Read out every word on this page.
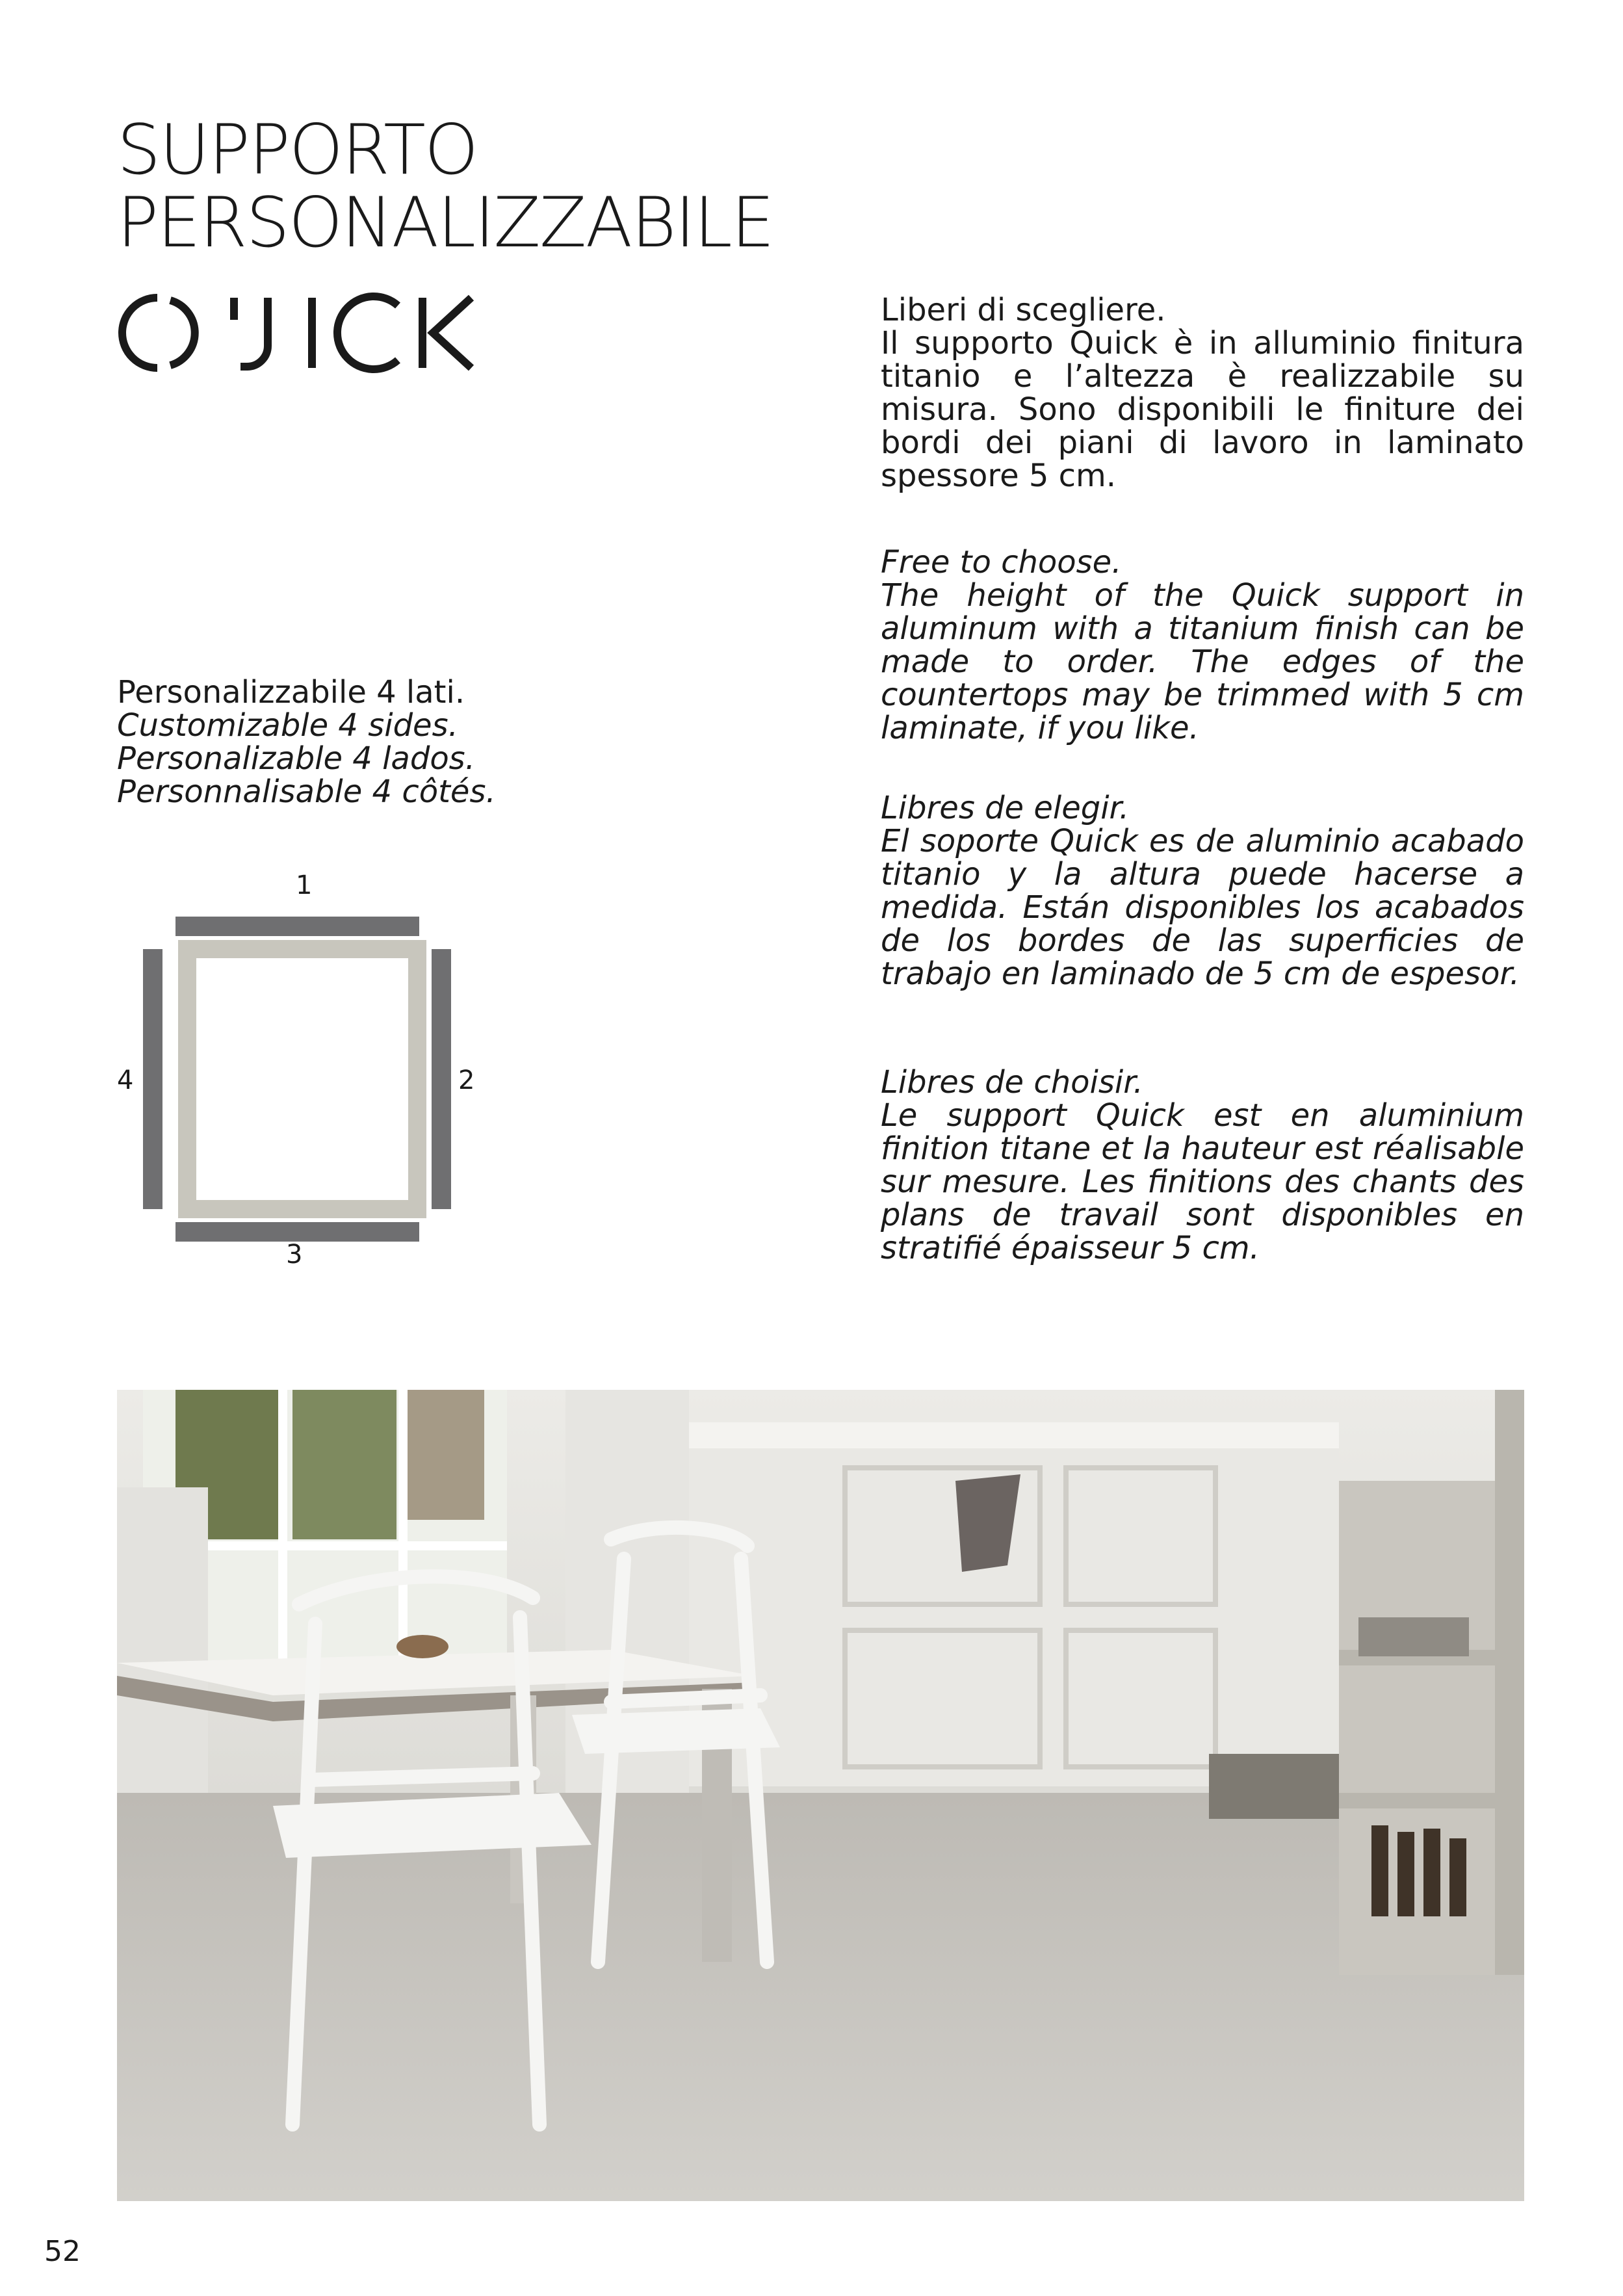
SUPPORTO
PERSONALIZZABILE
Personalizzabile 4 lati.
Customizable 4 sides.
Personalizable 4 lados.
Personnalisable 4 côtés.
1
4	2
3

Liberi di scegliere.

Il supporto Quick è in alluminio finitura titanio e l’altezza è realizzabile su misura. Sono disponibili le finiture dei bordi dei piani di lavoro in laminato spessore 5 cm.

Free to choose.

The height of the Quick support in aluminum with a titanium finish can be made to order. The edges of the countertops may be trimmed with 5 cm laminate, if you like.

Libres de elegir.

El soporte Quick es de aluminio acabado titanio y la altura puede hacerse a medida. Están disponibles los acabados de los bordes de las superficies de trabajo en laminado de 5 cm de espesor.

Libres de choisir.

Le support Quick est en aluminium finition titane et la hauteur est réalisable sur mesure. Les finitions des chants des plans de travail sont disponibles en stratifié épaisseur 5 cm.

52
